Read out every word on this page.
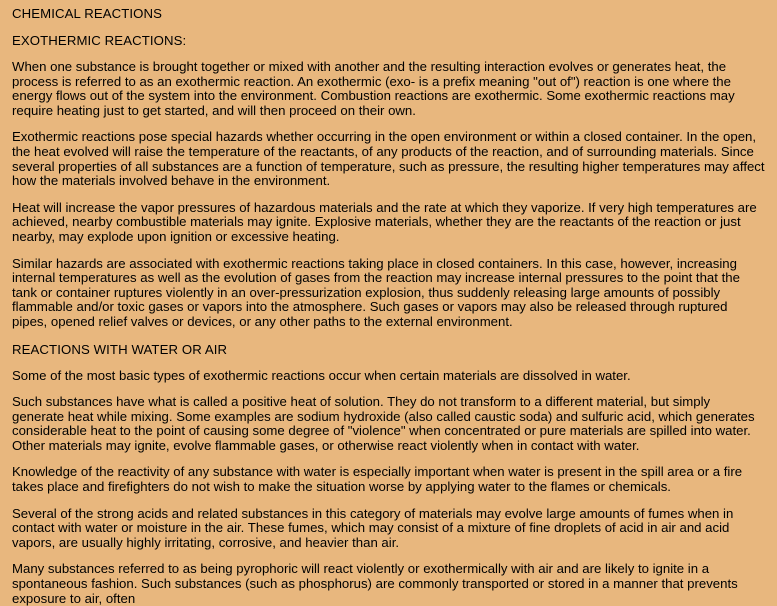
CHEMICAL REACTIONS
EXOTHERMIC REACTIONS:

When one substance is brought together or mixed with another and the resulting interaction evolves or generates heat, the process is referred to as an exothermic reaction. An exothermic (exo- is a prefix meaning "out of") reaction is one where the energy flows out of the system into the environment. Combustion reactions are exothermic. Some exothermic reactions may require heating just to get started, and will then proceed on their own.

Exothermic reactions pose special hazards whether occurring in the open environment or within a closed container. In the open, the heat evolved will raise the temperature of the reactants, of any products of the reaction, and of surrounding materials. Since several properties of all substances are a function of temperature, such as pressure, the resulting higher temperatures may affect how the materials involved behave in the environment.

Heat will increase the vapor pressures of hazardous materials and the rate at which they vaporize. If very high temperatures are achieved, nearby combustible materials may ignite. Explosive materials, whether they are the reactants of the reaction or just nearby, may explode upon ignition or excessive heating.

Similar hazards are associated with exothermic reactions taking place in closed containers. In this case, however, increasing internal temperatures as well as the evolution of gases from the reaction may increase internal pressures to the point that the tank or container ruptures violently in an over-pressurization explosion, thus suddenly releasing large amounts of possibly flammable and/or toxic gases or vapors into the atmosphere. Such gases or vapors may also be released through ruptured pipes, opened relief valves or devices, or any other paths to the external environment.

REACTIONS WITH WATER OR AIR

Some of the most basic types of exothermic reactions occur when certain materials are dissolved in water.

Such substances have what is called a positive heat of solution. They do not transform to a different material, but simply generate heat while mixing. Some examples are sodium hydroxide (also called caustic soda) and sulfuric acid, which generates considerable heat to the point of causing some degree of "violence" when concentrated or pure materials are spilled into water. Other materials may ignite, evolve flammable gases, or otherwise react violently when in contact with water.

Knowledge of the reactivity of any substance with water is especially important when water is present in the spill area or a fire takes place and firefighters do not wish to make the situation worse by applying water to the flames or chemicals.

Several of the strong acids and related substances in this category of materials may evolve large amounts of fumes when in contact with water or moisture in the air. These fumes, which may consist of a mixture of fine droplets of acid in air and acid vapors, are usually highly irritating, corrosive, and heavier than air.

Many substances referred to as being pyrophoric will react violently or exothermically with air and are likely to ignite in a spontaneous fashion. Such substances (such as phosphorus) are commonly transported or stored in a manner that prevents exposure to air, often
